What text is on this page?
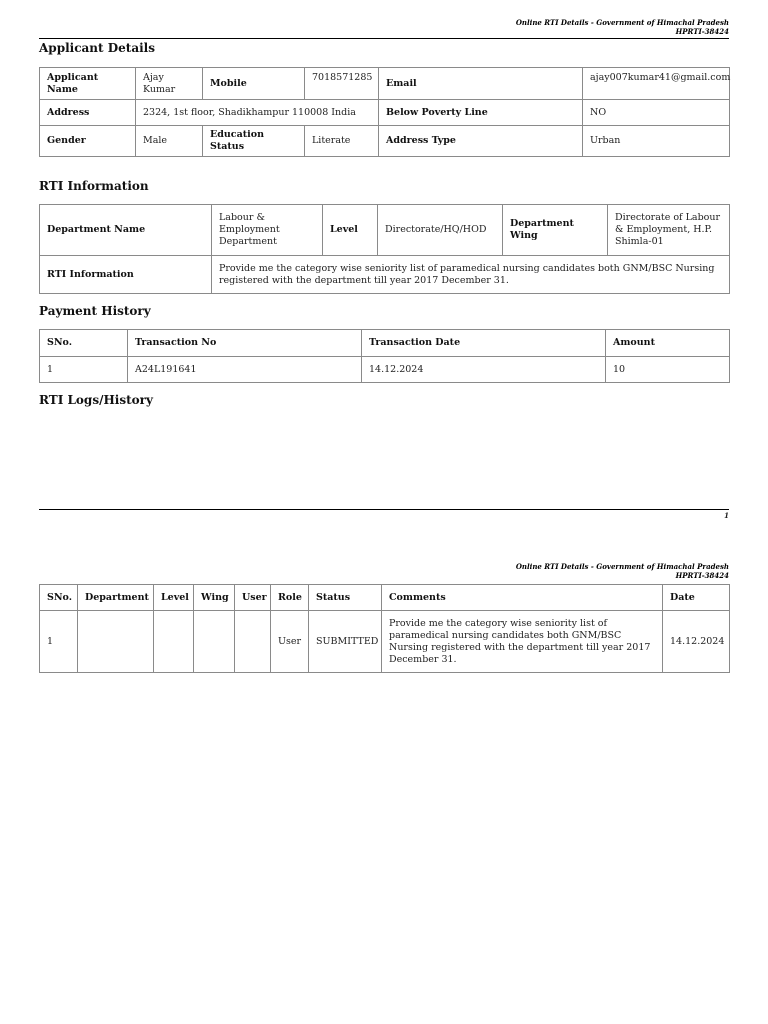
Online RTI Details - Government of Himachal Pradesh
HPRTI-38424
Applicant Details
Applicant Name	Ajay Kumar	Mobile	7018571285	Email	ajay007kumar41@gmail.com
Address	2324, 1st floor, Shadikhampur 110008 India			Below Poverty Line	NO
Gender	Male	Education Status	Literate	Address Type	Urban
RTI Information
Department Name	Labour & Employment Department	Level	Directorate/HQ/HOD	Department Wing	Directorate of Labour & Employment, H.P. Shimla-01
RTI Information	Provide me the category wise seniority list of paramedical nursing candidates both GNM/BSC Nursing registered with the department till year 2017 December 31.				
Payment History
SNo.	Transaction No	Transaction Date	Amount
1	A24L191641	14.12.2024	10
RTI Logs/History
1
Online RTI Details - Government of Himachal Pradesh
HPRTI-38424
SNo.	Department	Level	Wing	User	Role	Status	Comments	Date
1					User	SUBMITTED	Provide me the category wise seniority list of paramedical nursing candidates both GNM/BSC Nursing registered with the department till year 2017 December 31.	14.12.2024
